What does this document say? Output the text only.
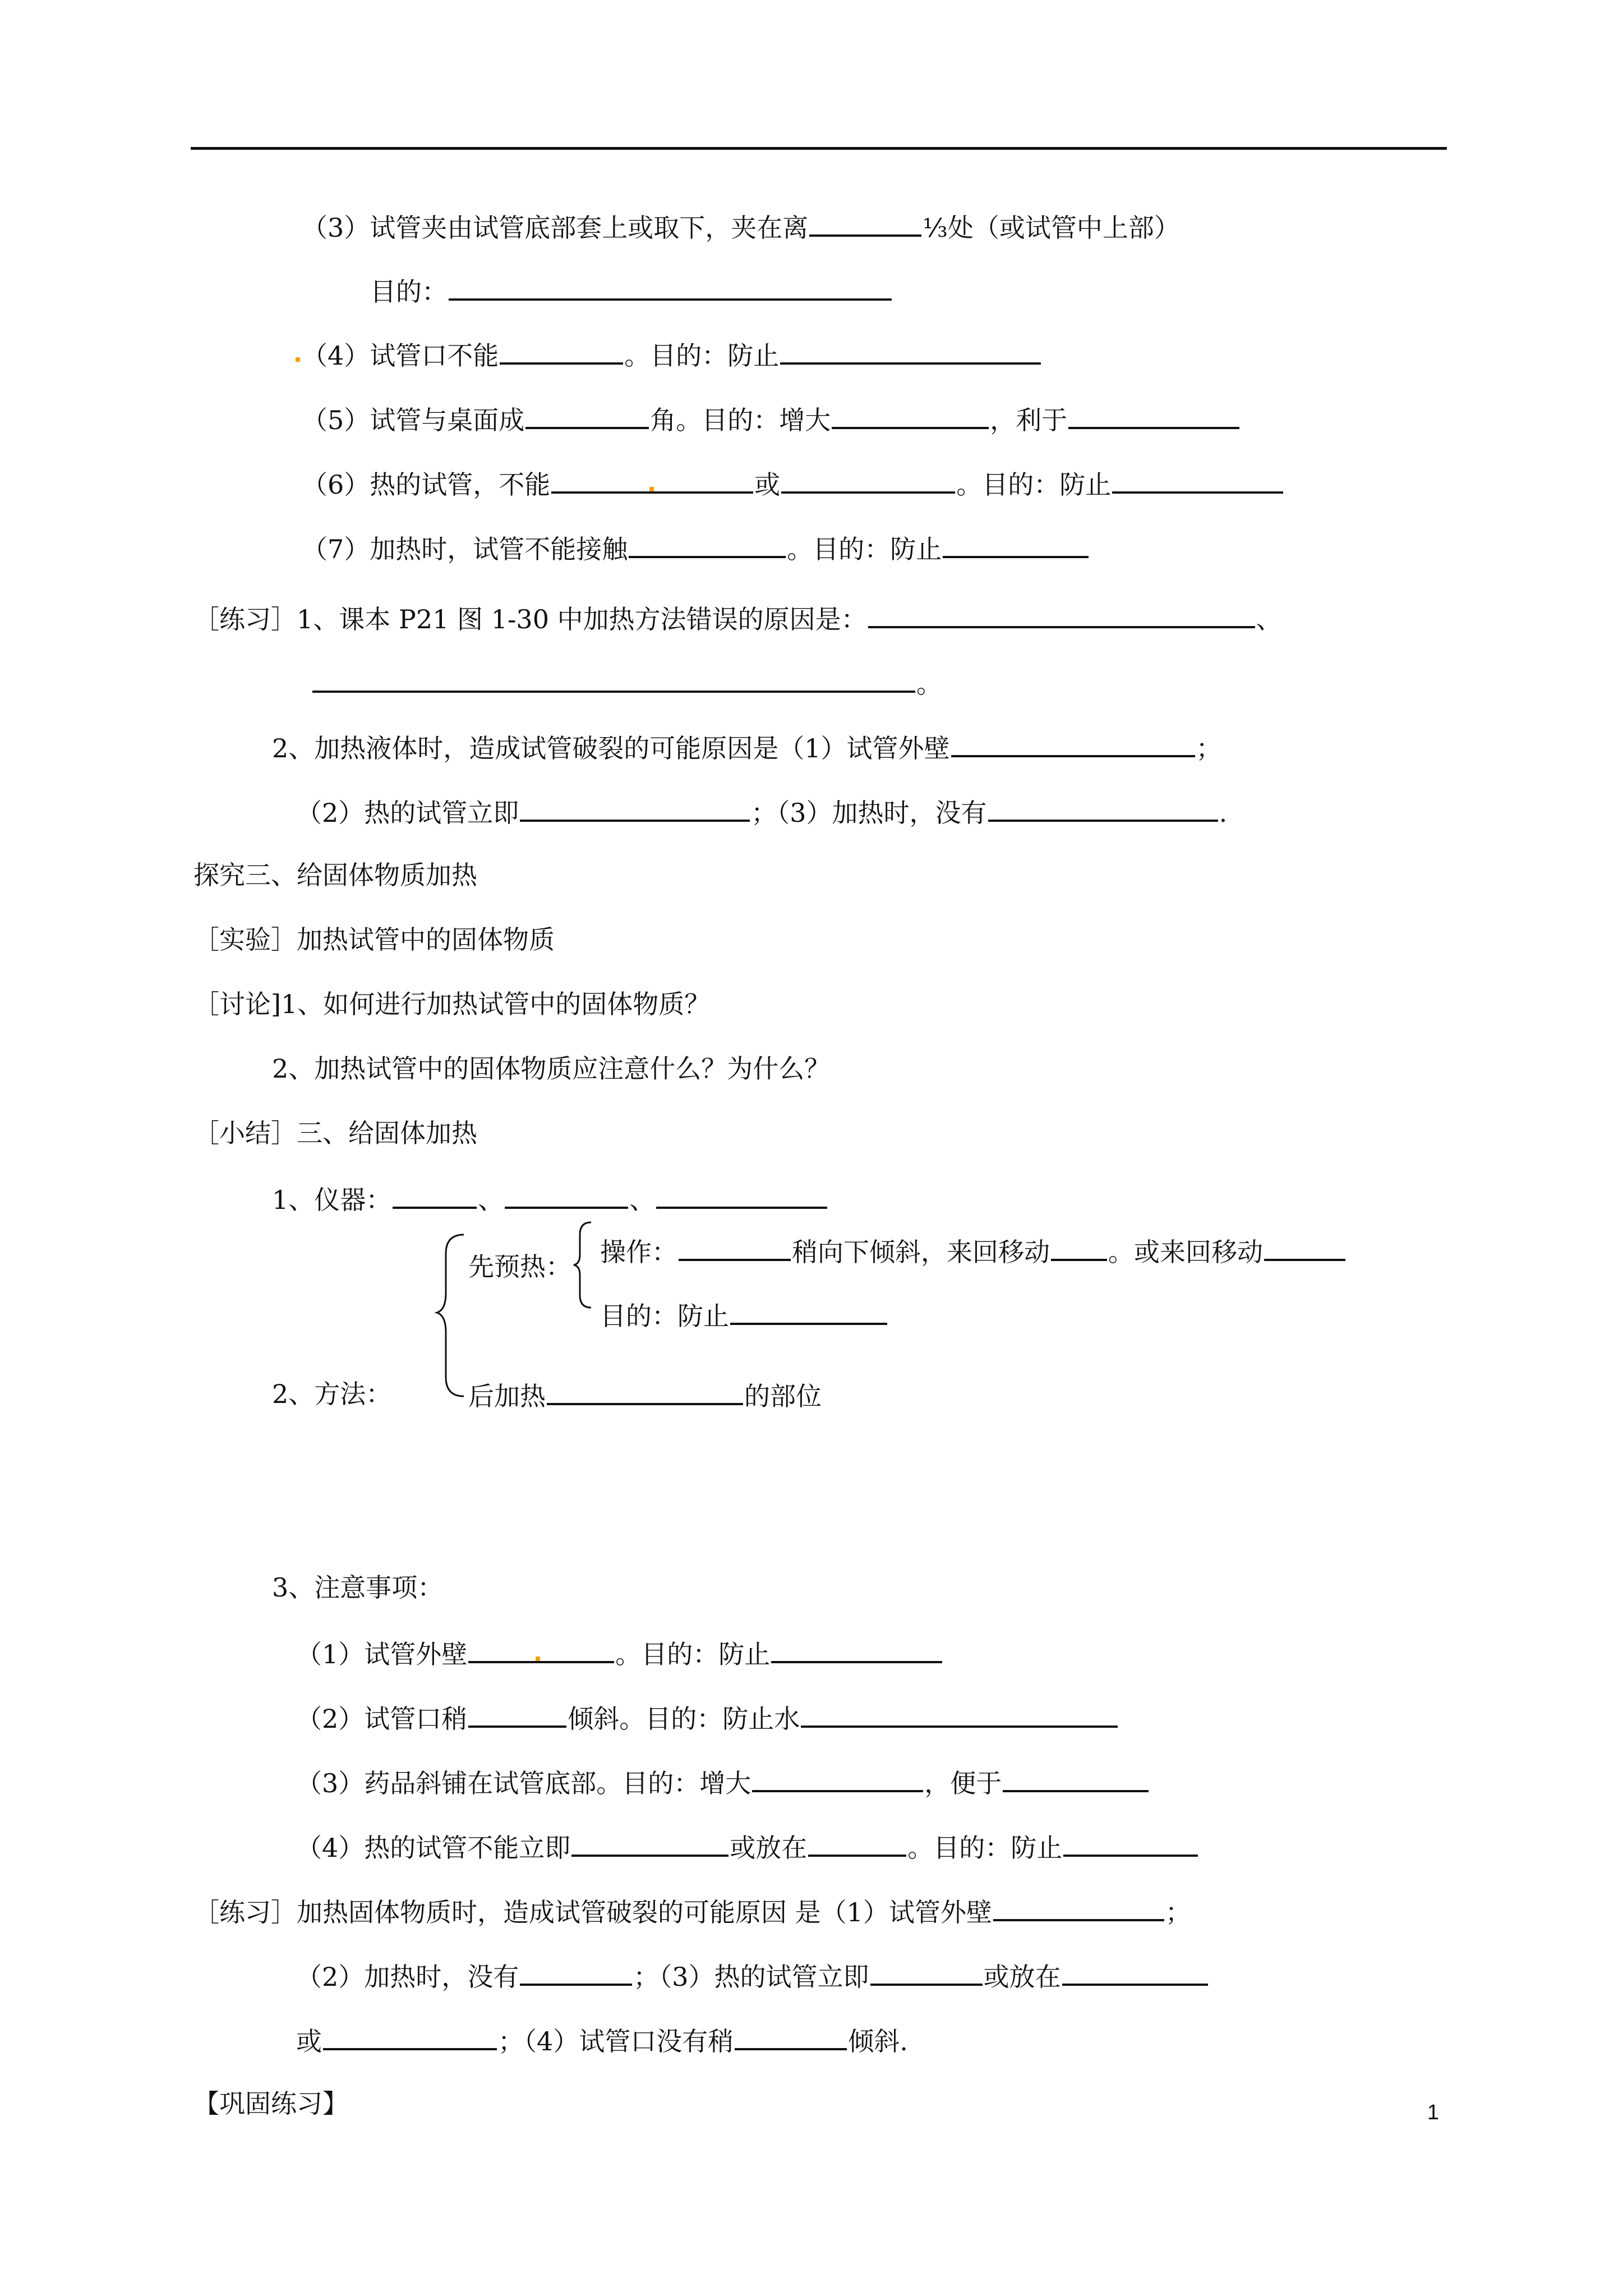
（3）试管夹由试管底部套上或取下，夹在离	⅓处（或试管中上部）
目的：
（4）试管口不能	。目的：防止
（5）试管与桌面成	角。目的：增大	，利于
（6）热的试管，不能	或	。目的：防止
（7）加热时，试管不能接触	。目的：防止
［练习］1、课本 P21 图 1-30 中加热方法错误的原因是：	、
。
2、加热液体时，造成试管破裂的可能原因是（1）试管外壁	；
（2）热的试管立即	；（3）加热时，没有	.
探究三、给固体物质加热
［实验］加热试管中的固体物质
［讨论]1、如何进行加热试管中的固体物质？
2、加热试管中的固体物质应注意什么？为什么？
［小结］三、给固体加热
1、仪器：	、	、
先预热： 操作：	稍向下倾斜，来回移动 。或来回移动
目的：防止
2、方法：	后加热	的部位
3、注意事项：
（1）试管外壁	。目的：防止
（2）试管口稍	倾斜。目的：防止水
（3）药品斜铺在试管底部。目的：增大	，便于
（4）热的试管不能立即	或放在	。目的：防止
［练习］加热固体物质时，造成试管破裂的可能原因 是（1）试管外壁	；
（2）加热时，没有	；（3）热的试管立即	或放在
或	；（4）试管口没有稍	倾斜.
【巩固练习】	1
